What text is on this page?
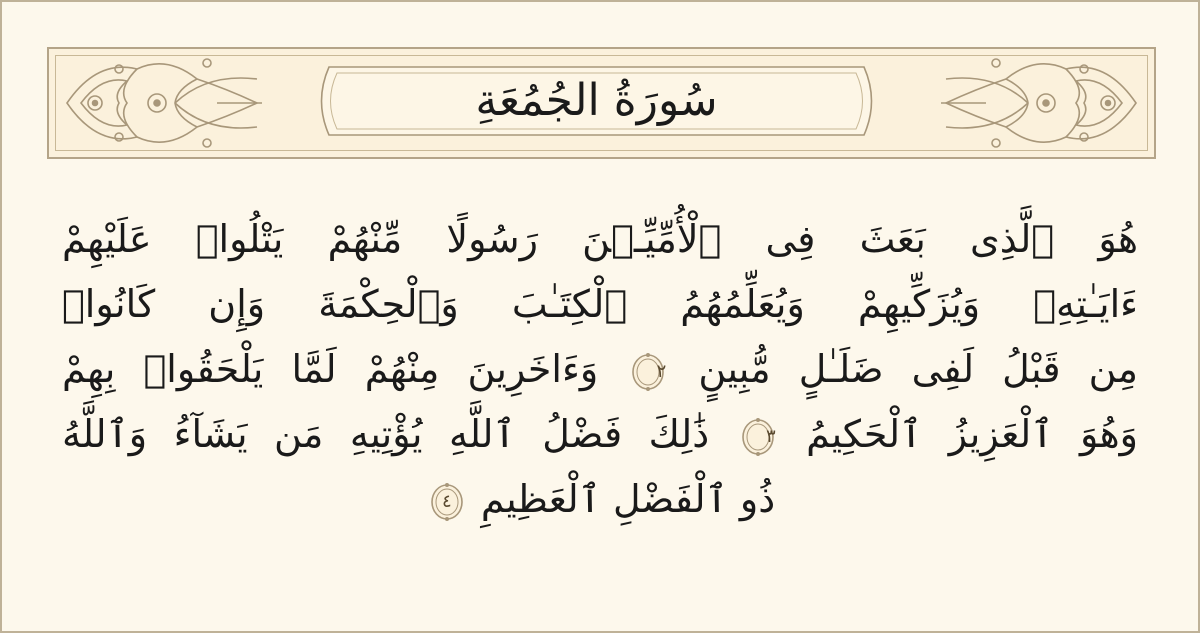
سُورَةُ الجُمُعَةِ
هُوَ ٱلَّذِى بَعَثَ فِى ٱلْأُمِّيِّـۧنَ رَسُولًا مِّنْهُمْ يَتْلُوا۟ عَلَيْهِمْ
ءَايَـٰتِهِۦ وَيُزَكِّيهِمْ وَيُعَلِّمُهُمُ ٱلْكِتَـٰبَ وَٱلْحِكْمَةَ وَإِن كَانُوا۟
مِن قَبْلُ لَفِى ضَلَـٰلٍ مُّبِينٍ
٢
وَءَاخَرِينَ مِنْهُمْ لَمَّا يَلْحَقُوا۟ بِهِمْ
وَهُوَ ٱلْعَزِيزُ ٱلْحَكِيمُ
٣
ذَٰلِكَ فَضْلُ ٱللَّهِ يُؤْتِيهِ مَن يَشَآءُ وَٱللَّهُ
ذُو ٱلْفَضْلِ ٱلْعَظِيمِ
٤
